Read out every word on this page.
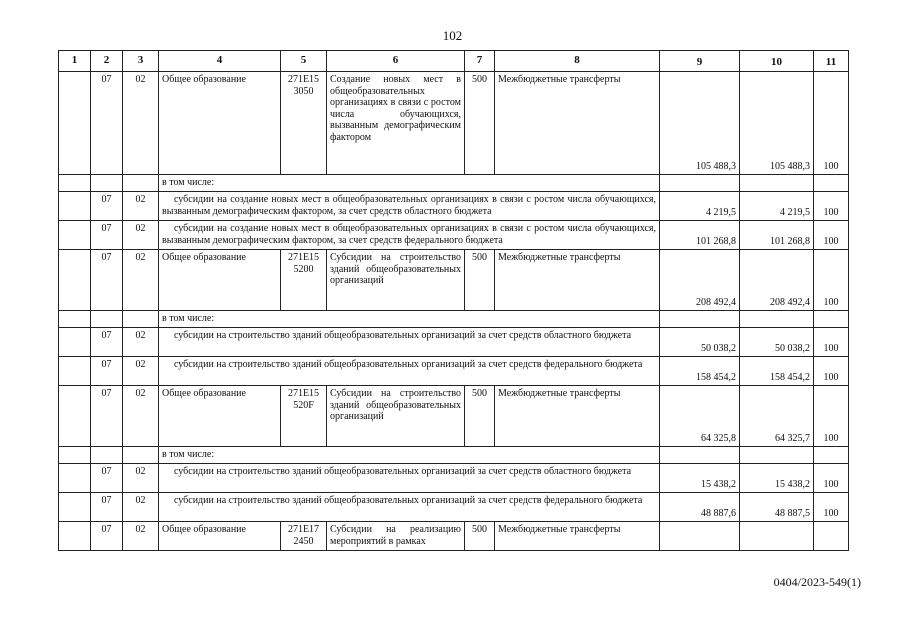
102
1	2	3	4	5	6	7	8	9	10	11
	07	02	Общее образование	271E15 3050	Создание новых мест в общеобразовательных организациях в связи с ростом числа обучающихся, вызванным демографическим фактором	500	Межбюджетные трансферты	105 488,3	105 488,3	100
			в том числе:							
	07	02	субсидии на создание новых мест в общеобразовательных организациях в связи с ростом числа обучающихся, вызванным демографическим фактором, за счет средств областного бюджета					4 219,5	4 219,5	100
	07	02	субсидии на создание новых мест в общеобразовательных организациях в связи с ростом числа обучающихся, вызванным демографическим фактором, за счет средств федерального бюджета					101 268,8	101 268,8	100
	07	02	Общее образование	271E15 5200	Субсидии на строительство зданий общеобразовательных организаций	500	Межбюджетные трансферты	208 492,4	208 492,4	100
			в том числе:							
	07	02	субсидии на строительство зданий общеобразовательных организаций за счет средств областного бюджета					50 038,2	50 038,2	100
	07	02	субсидии на строительство зданий общеобразовательных организаций за счет средств федерального бюджета					158 454,2	158 454,2	100
	07	02	Общее образование	271E15 520F	Субсидии на строительство зданий общеобразовательных организаций	500	Межбюджетные трансферты	64 325,8	64 325,7	100
			в том числе:							
	07	02	субсидии на строительство зданий общеобразовательных организаций за счет средств областного бюджета					15 438,2	15 438,2	100
	07	02	субсидии на строительство зданий общеобразовательных организаций за счет средств федерального бюджета					48 887,6	48 887,5	100
	07	02	Общее образование	271E17 2450	Субсидии на реализацию мероприятий в рамках	500	Межбюджетные трансферты			
0404/2023-549(1)
